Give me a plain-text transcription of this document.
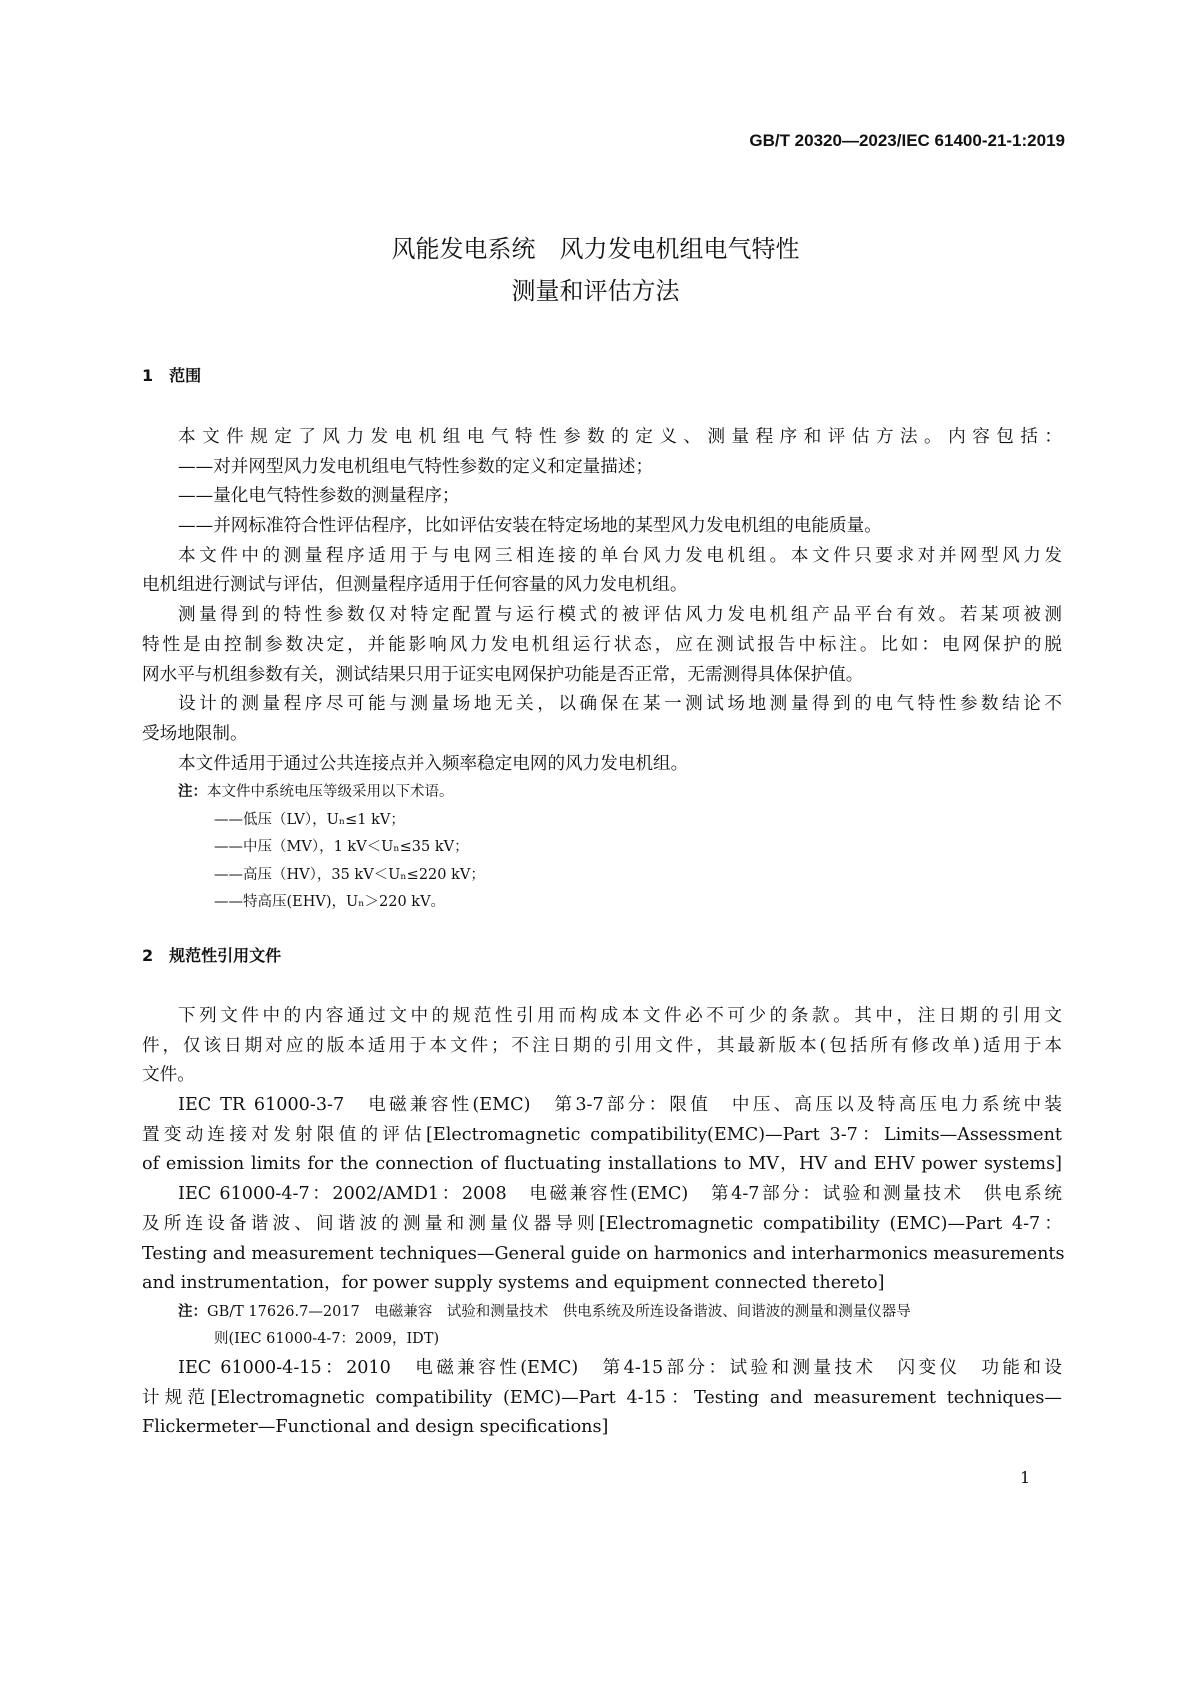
GB/T 20320—2023/IEC 61400-21-1:2019
风能发电系统　风力发电机组电气特性
测量和评估方法
1　范围
本文件规定了风力发电机组电气特性参数的定义、测量程序和评估方法。内容包括：
——对并网型风力发电机组电气特性参数的定义和定量描述；
——量化电气特性参数的测量程序；
——并网标准符合性评估程序，比如评估安装在特定场地的某型风力发电机组的电能质量。
本文件中的测量程序适用于与电网三相连接的单台风力发电机组。本文件只要求对并网型风力发
电机组进行测试与评估，但测量程序适用于任何容量的风力发电机组。
测量得到的特性参数仅对特定配置与运行模式的被评估风力发电机组产品平台有效。若某项被测
特性是由控制参数决定，并能影响风力发电机组运行状态，应在测试报告中标注。比如：电网保护的脱
网水平与机组参数有关，测试结果只用于证实电网保护功能是否正常，无需测得具体保护值。
设计的测量程序尽可能与测量场地无关，以确保在某一测试场地测量得到的电气特性参数结论不
受场地限制。
本文件适用于通过公共连接点并入频率稳定电网的风力发电机组。
注：本文件中系统电压等级采用以下术语。
——低压（LV），Uₙ≤1 kV；
——中压（MV），1 kV＜Uₙ≤35 kV；
——高压（HV），35 kV＜Uₙ≤220 kV；
——特高压(EHV)，Uₙ＞220 kV。
2　规范性引用文件
下列文件中的内容通过文中的规范性引用而构成本文件必不可少的条款。其中，注日期的引用文
件，仅该日期对应的版本适用于本文件；不注日期的引用文件，其最新版本(包括所有修改单)适用于本
文件。
IEC TR 61000-3-7　电磁兼容性(EMC)　第3-7部分：限值　中压、高压以及特高压电力系统中装
置变动连接对发射限值的评估[Electromagnetic compatibility(EMC)—Part 3-7：Limits—Assessment
of emission limits for the connection of fluctuating installations to MV，HV and EHV power systems]
IEC 61000-4-7：2002/AMD1：2008　电磁兼容性(EMC)　第4-7部分：试验和测量技术　供电系统
及所连设备谐波、间谐波的测量和测量仪器导则[Electromagnetic compatibility (EMC)—Part 4-7：
Testing and measurement techniques—General guide on harmonics and interharmonics measurements
and instrumentation，for power supply systems and equipment connected thereto]
注：GB/T 17626.7—2017　电磁兼容　试验和测量技术　供电系统及所连设备谐波、间谐波的测量和测量仪器导
则(IEC 61000-4-7：2009，IDT)
IEC 61000-4-15：2010　电磁兼容性(EMC)　第4-15部分：试验和测量技术　闪变仪　功能和设
计规范[Electromagnetic compatibility (EMC)—Part 4-15：Testing and measurement techniques—
Flickermeter—Functional and design specifications]
1
